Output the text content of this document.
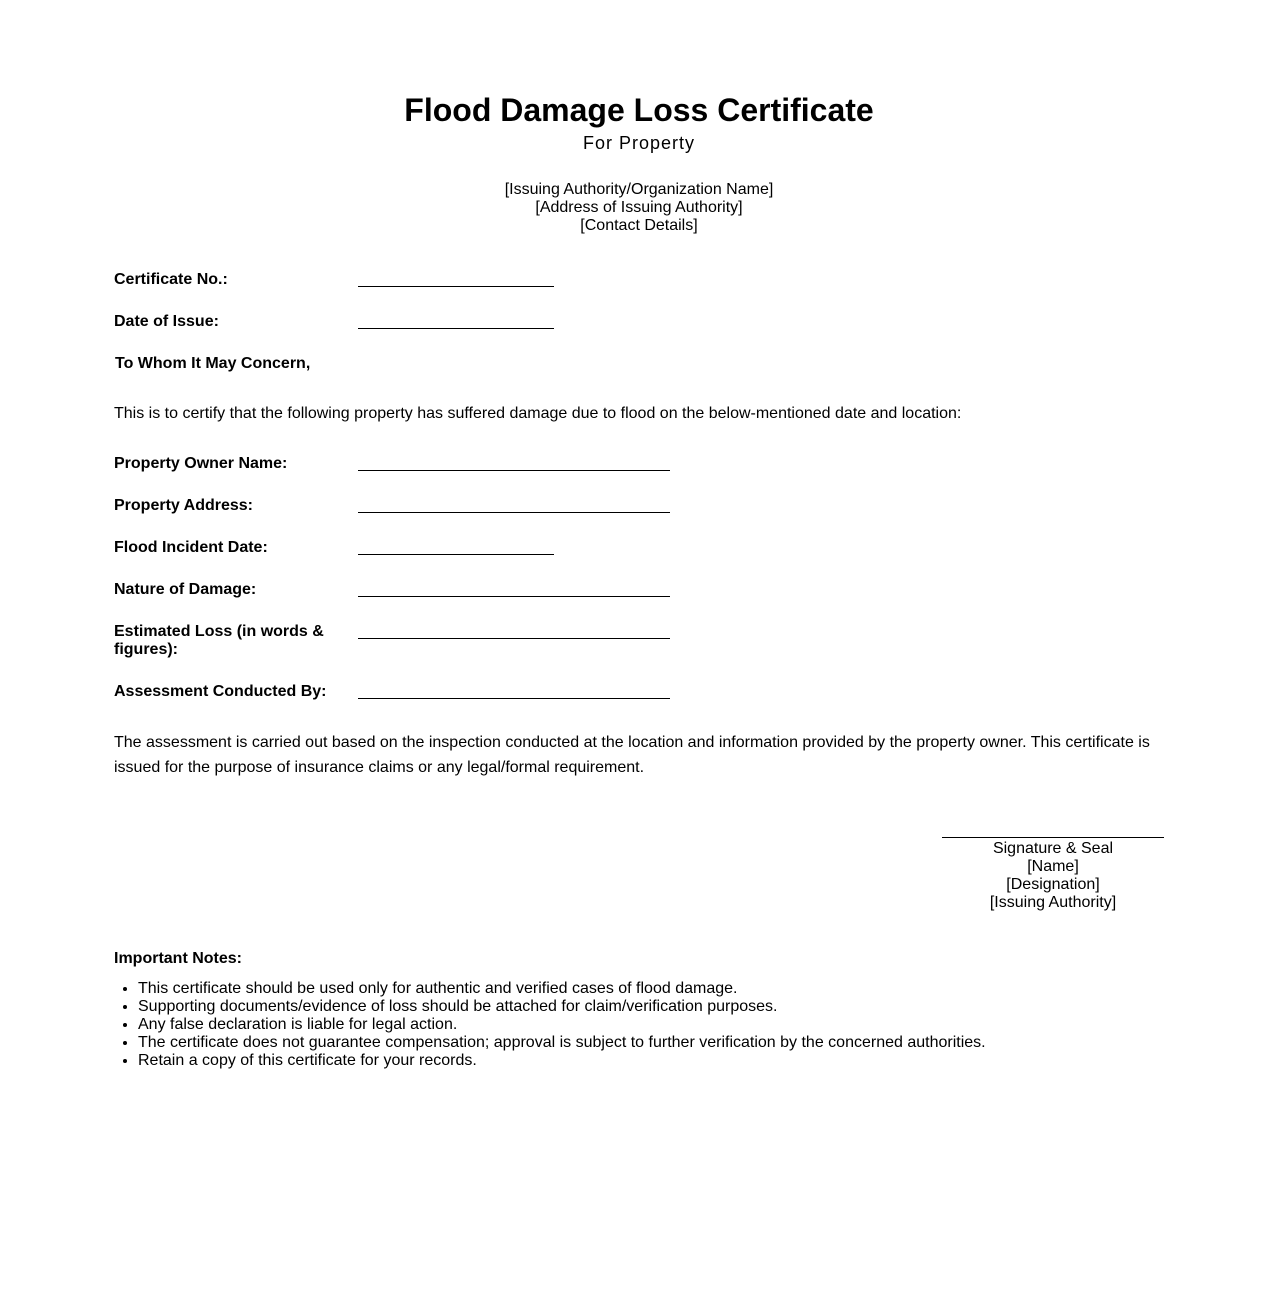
Flood Damage Loss Certificate
For Property
[Issuing Authority/Organization Name]
[Address of Issuing Authority]
[Contact Details]
Certificate No.:
Date of Issue:
To Whom It May Concern,
This is to certify that the following property has suffered damage due to flood on the below-mentioned date and location:
Property Owner Name:
Property Address:
Flood Incident Date:
Nature of Damage:
Estimated Loss (in words & figures):
Assessment Conducted By:
The assessment is carried out based on the inspection conducted at the location and information provided by the property owner. This certificate is issued for the purpose of insurance claims or any legal/formal requirement.
Signature & Seal
[Name]
[Designation]
[Issuing Authority]
Important Notes:
• This certificate should be used only for authentic and verified cases of flood damage.
• Supporting documents/evidence of loss should be attached for claim/verification purposes.
• Any false declaration is liable for legal action.
• The certificate does not guarantee compensation; approval is subject to further verification by the concerned authorities.
• Retain a copy of this certificate for your records.
